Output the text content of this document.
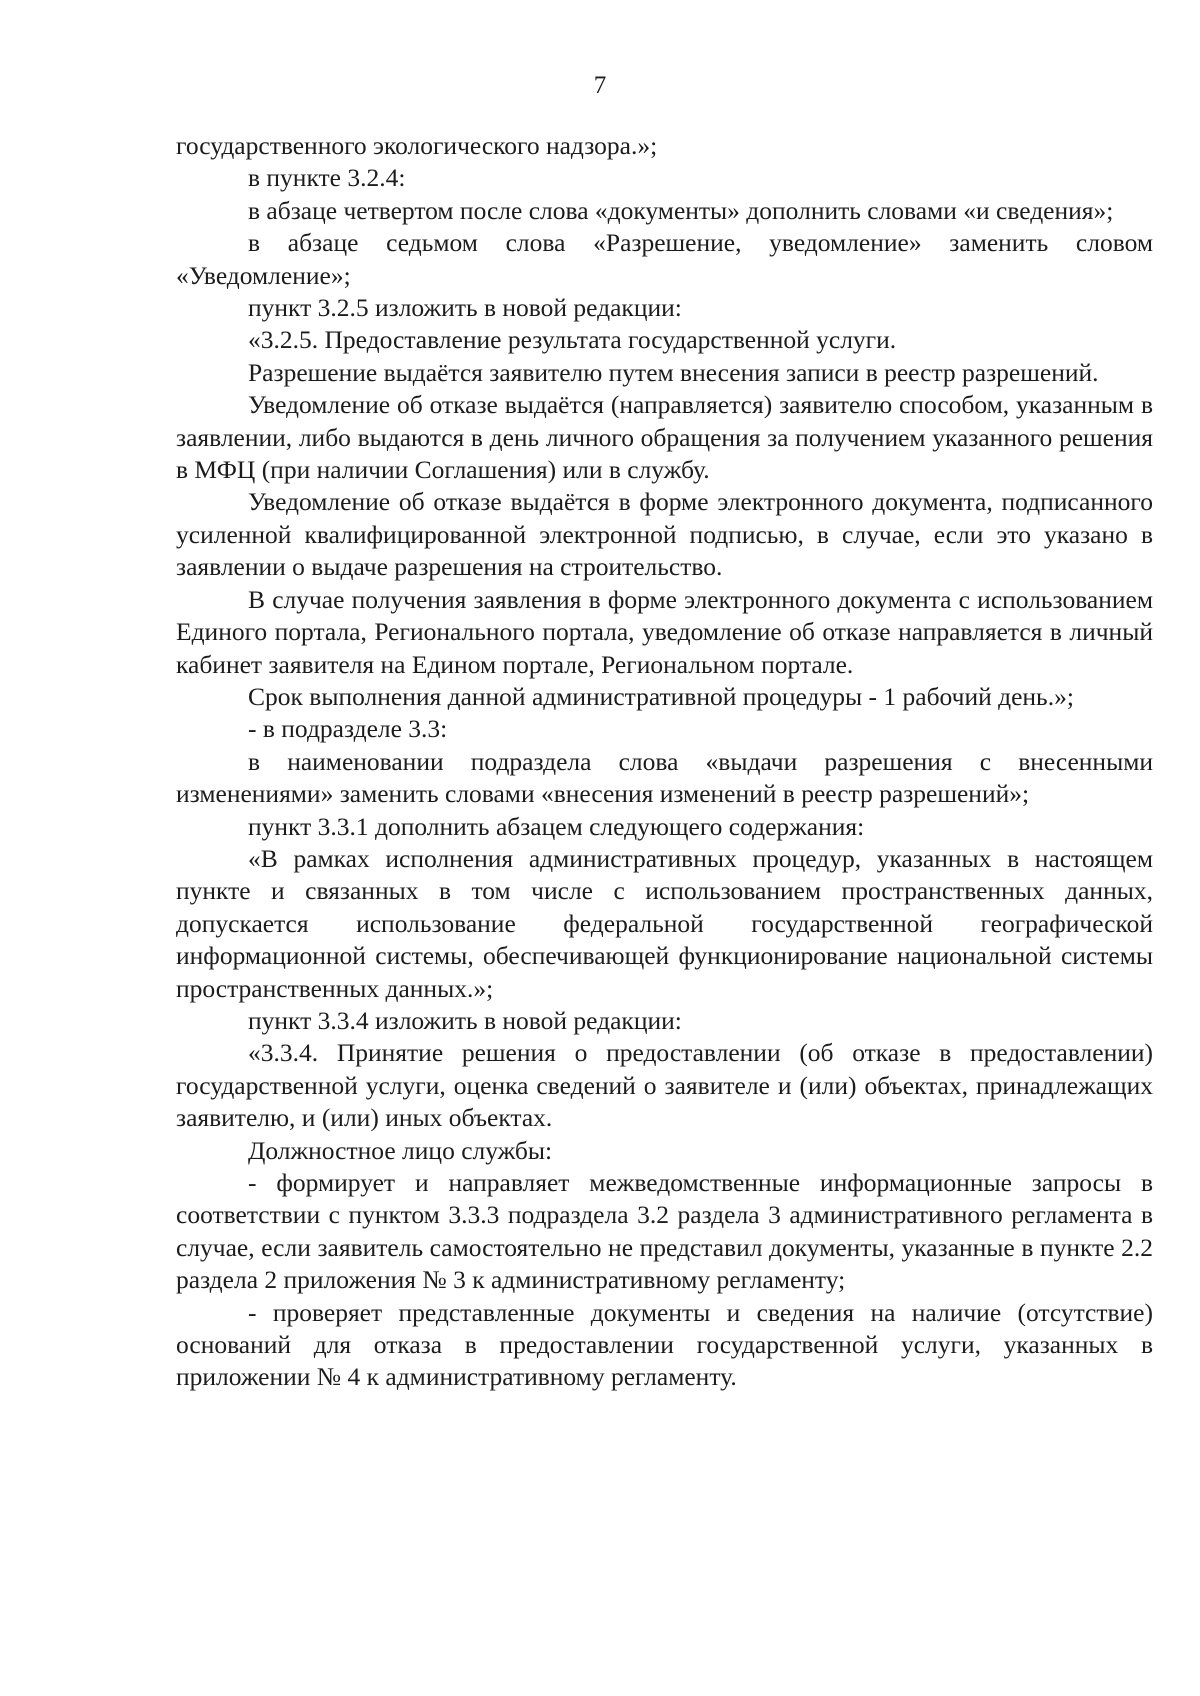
7

государственного экологического надзора.»;

в пункте 3.2.4:

в абзаце четвертом после слова «документы» дополнить словами «и сведения»;

в абзаце седьмом слова «Разрешение, уведомление» заменить словом «Уведомление»;

пункт 3.2.5 изложить в новой редакции:

«3.2.5. Предоставление результата государственной услуги.

Разрешение выдаётся заявителю путем внесения записи в реестр разрешений.

Уведомление об отказе выдаётся (направляется) заявителю способом, указанным в заявлении, либо выдаются в день личного обращения за получением указанного решения в МФЦ (при наличии Соглашения) или в службу.

Уведомление об отказе выдаётся в форме электронного документа, подписанного усиленной квалифицированной электронной подписью, в случае, если это указано в заявлении о выдаче разрешения на строительство.

В случае получения заявления в форме электронного документа с использованием Единого портала, Регионального портала, уведомление об отказе направляется в личный кабинет заявителя на Едином портале, Региональном портале.

Срок выполнения данной административной процедуры - 1 рабочий день.»;

- в подразделе 3.3:

в наименовании подраздела слова «выдачи разрешения с внесенными изменениями» заменить словами «внесения изменений в реестр разрешений»;

пункт 3.3.1 дополнить абзацем следующего содержания:

«В рамках исполнения административных процедур, указанных в настоящем пункте и связанных в том числе с использованием пространственных данных, допускается использование федеральной государственной географической информационной системы, обеспечивающей функционирование национальной системы пространственных данных.»;

пункт 3.3.4 изложить в новой редакции:

«3.3.4. Принятие решения о предоставлении (об отказе в предоставлении) государственной услуги, оценка сведений о заявителе и (или) объектах, принадлежащих заявителю, и (или) иных объектах.

Должностное лицо службы:

- формирует и направляет межведомственные информационные запросы в соответствии с пунктом 3.3.3 подраздела 3.2 раздела 3 административного регламента в случае, если заявитель самостоятельно не представил документы, указанные в пункте 2.2 раздела 2 приложения № 3 к административному регламенту;

- проверяет представленные документы и сведения на наличие (отсутствие) оснований для отказа в предоставлении государственной услуги, указанных в приложении № 4 к административному регламенту.
